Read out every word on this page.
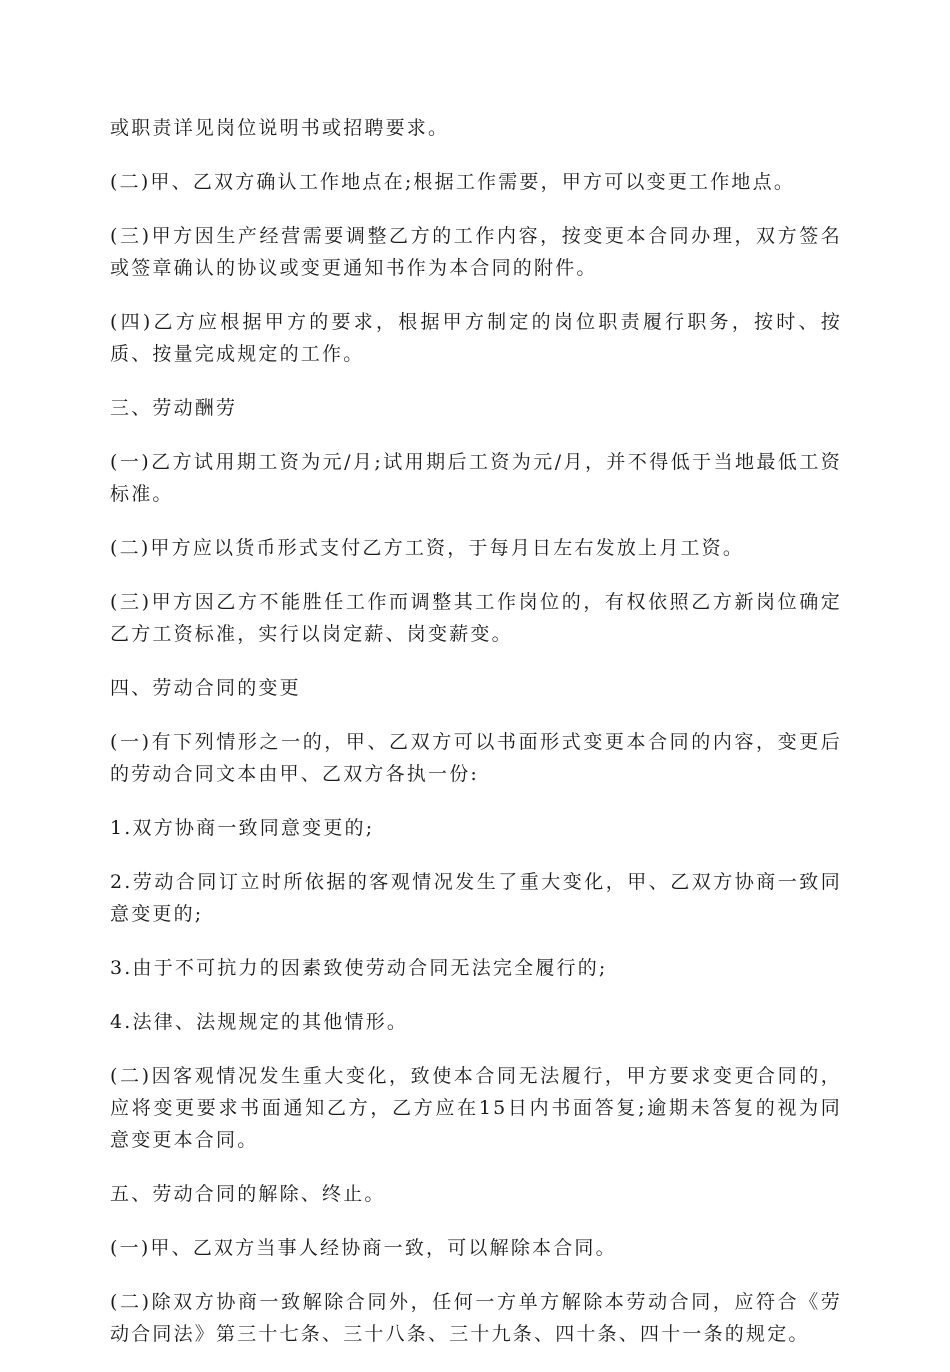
或职责详见岗位说明书或招聘要求。

(二)甲、乙双方确认工作地点在;根据工作需要，甲方可以变更工作地点。

(三)甲方因生产经营需要调整乙方的工作内容，按变更本合同办理，双方签名或签章确认的协议或变更通知书作为本合同的附件。

(四)乙方应根据甲方的要求，根据甲方制定的岗位职责履行职务，按时、按质、按量完成规定的工作。

三、劳动酬劳

(一)乙方试用期工资为元/月;试用期后工资为元/月，并不得低于当地最低工资标准。

(二)甲方应以货币形式支付乙方工资，于每月日左右发放上月工资。

(三)甲方因乙方不能胜任工作而调整其工作岗位的，有权依照乙方新岗位确定乙方工资标准，实行以岗定薪、岗变薪变。

四、劳动合同的变更

(一)有下列情形之一的，甲、乙双方可以书面形式变更本合同的内容，变更后的劳动合同文本由甲、乙双方各执一份:

1.双方协商一致同意变更的;

2.劳动合同订立时所依据的客观情况发生了重大变化，甲、乙双方协商一致同意变更的;

3.由于不可抗力的因素致使劳动合同无法完全履行的;

4.法律、法规规定的其他情形。

(二)因客观情况发生重大变化，致使本合同无法履行，甲方要求变更合同的，应将变更要求书面通知乙方，乙方应在15日内书面答复;逾期未答复的视为同意变更本合同。

五、劳动合同的解除、终止。

(一)甲、乙双方当事人经协商一致，可以解除本合同。

(二)除双方协商一致解除合同外，任何一方单方解除本劳动合同，应符合《劳动合同法》第三十七条、三十八条、三十九条、四十条、四十一条的规定。
